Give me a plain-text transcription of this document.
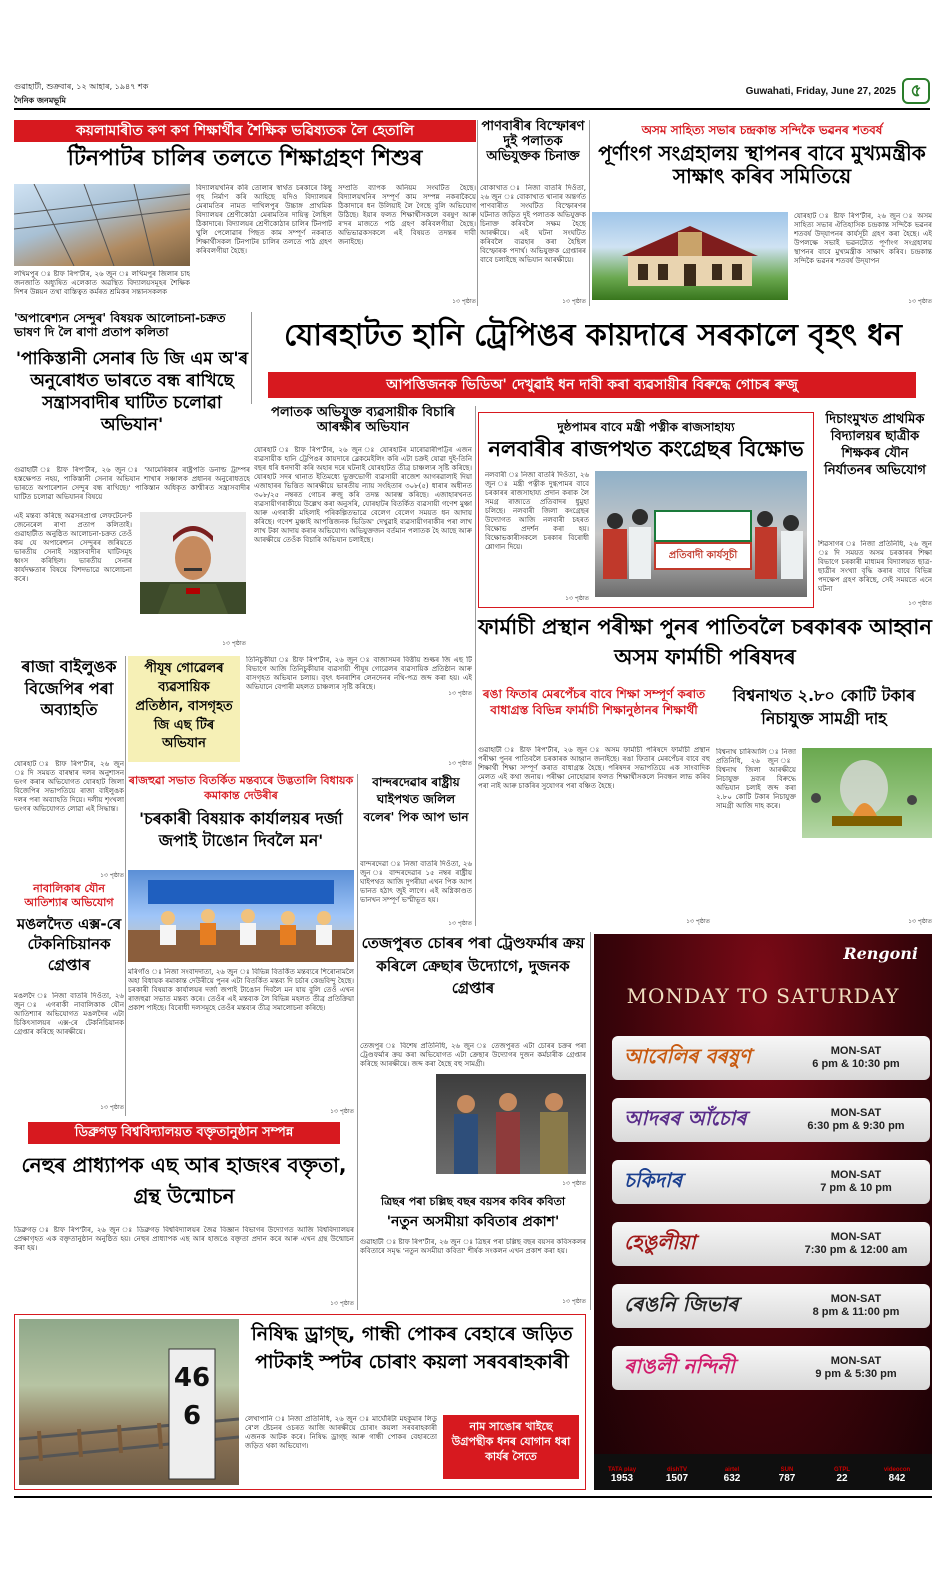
গুৱাহাটী, শুক্ৰবাৰ, ১২ আহাৰ, ১৯৪৭ শক
দৈনিক জনমভূমি
Guwahati, Friday, June 27, 2025 ৫
কয়লামাৰীত কণ কণ শিক্ষাৰ্থীৰ শৈক্ষিক ভৱিষ্যতক লৈ হেতালি
টিনপাটৰ চালিৰ তলতে শিক্ষাগ্ৰহণ শিশুৰ
লখিমপুৰ ঃ ষ্টাফ ৰিপ'ৰ্টাৰ, ২৬ জুন ঃ লখিমপুৰ জিলাৰ চাহ জনজাতি অধ্যুষিত এলেকাত অৱস্থিত বিদ্যালয়সমূহৰ শৈক্ষিক দিশৰ উন্নয়ন তথা বাস্তিত্বত কৰ্মৰত শ্ৰমিকৰ সন্তানসকলক
বিদ্যালয়খনিৰ কৰি তোলাৰ স্বাৰ্থত চৰকাৰে কিছু গৃহ নিৰ্মাণ কৰি আহিছে যদিও বিদ্যালয়ৰ মেৰামতিৰ নামত দাখিলপুৰ উচ্চাঙ্গ প্ৰাথমিক বিদ্যালয়ৰ শ্ৰেণীকোঠা মেৰামতিৰ দায়িত্ব লৈছিল ঠিকাদাৰে। বিদ্যালয়ৰ শ্ৰেণীকোঠাৰ চালিৰ টিনপাট খুলি পেলোৱাৰ পিছত কাম সম্পূৰ্ণ নকৰাত শিক্ষাৰ্থীসকল টিনপাটৰ চালিৰ তলতে পাঠ গ্ৰহণ কৰিবলগীয়া হৈছে।
সম্প্ৰতি ব্যাপক অনিয়ম সংঘটিত হৈছে। বিদ্যালয়খনিৰ সম্পূৰ্ণ কাম সম্পন্ন নকৰাকৈয়ে ঠিকাদাৰে ধন উলিয়াই লৈ গৈছে বুলি অভিযোগ উঠিছে। ইয়াৰ ফলত শিক্ষাৰ্থীসকলে বৰষুণ আৰু ৰ'দৰ মাজতে পাঠ গ্ৰহণ কৰিবলগীয়া হৈছে। অভিভাৱকসকলে এই বিষয়ত তদন্তৰ দাবী জনাইছে।
১৩ পৃষ্ঠাত
পাণবাৰীৰ বিস্ফোৰণ দুই পলাতক অভিযুক্তক চিনাক্ত
বোকাখাত ঃ নিজা বাতৰি দিওঁতা, ২৬ জুন ঃ বোকাখাত থানাৰ অন্তৰ্গত পাণবাৰীত সংঘটিত বিস্ফোৰণৰ ঘটনাত জড়িত দুই পলাতক অভিযুক্তক চিনাক্ত কৰিবলৈ সক্ষম হৈছে আৰক্ষীয়ে। এই ঘটনা সংঘটিত কৰিবলৈ ব্যৱহাৰ কৰা হৈছিল বিস্ফোৰক পদাৰ্থ। অভিযুক্তক গ্ৰেপ্তাৰৰ বাবে চলাইছে অভিযান আৰক্ষীয়ে।
১৩ পৃষ্ঠাত
অসম সাহিত্য সভাৰ চন্দ্ৰকান্ত সন্দিকৈ ভৱনৰ শতবৰ্ষ
পূৰ্ণাংগ সংগ্ৰহালয় স্থাপনৰ বাবে মুখ্যমন্ত্ৰীক সাক্ষাৎ কৰিব সমিতিয়ে
যোৰহাট ঃ ষ্টাফ ৰিপ'ৰ্টাৰ, ২৬ জুন ঃ অসম সাহিত্য সভাৰ ঐতিহাসিক চন্দ্ৰকান্ত সন্দিকৈ ভৱনৰ শতবৰ্ষ উদ্‌যাপনৰ কাৰ্যসূচী গ্ৰহণ কৰা হৈছে। এই উপলক্ষে সভাই ভৱনটোত পূৰ্ণাংগ সংগ্ৰহালয় স্থাপনৰ বাবে মুখ্যমন্ত্ৰীক সাক্ষাৎ কৰিব। চন্দ্ৰকান্ত সন্দিকৈ ভৱনৰ শতবৰ্ষ উদ্‌যাপন
১৩ পৃষ্ঠাত
'অপাৰেশ্যন সেন্দুৰ' বিষয়ক আলোচনা-চক্ৰত ভাষণ দি লৈ ৰাণা প্ৰতাপ কলিতা
'পাকিস্তানী সেনাৰ ডি জি এম অ'ৰ অনুৰোধত ভাৰতে বন্ধ ৰাখিছে সন্ত্ৰাসবাদীৰ ঘাটিত চলোৱা অভিযান'
গুৱাহাটী ঃ ষ্টাফ ৰিপ'ৰ্টাৰ, ২৬ জুন ঃ 'আমেৰিকাৰ ৰাষ্ট্ৰপতি ডনাল্ড ট্ৰাম্পৰ হস্তক্ষেপত নহয়, পাকিস্তানী সেনাৰ অভিযান শাখাৰ সঞ্চালক প্ৰধানৰ অনুৰোধতহে ভাৰতে অপাৰেশ্যন সেন্দুৰ বন্ধ ৰাখিছে।' পাকিস্তান অধিকৃত কাশ্মীৰত সন্ত্ৰাসবাদীৰ ঘাটিত চলোৱা অভিযানৰ বিষয়ে
এই মন্তব্য কৰিছে অৱসৰপ্ৰাপ্ত লেফটেনেণ্ট জেনেৰেল ৰাণা প্ৰতাপ কলিতাই। গুৱাহাটীত অনুষ্ঠিত আলোচনা-চক্ৰত তেওঁ কয় যে অপাৰেশ্যন সেন্দুৰৰ জৰিয়তে ভাৰতীয় সেনাই সন্ত্ৰাসবাদীৰ ঘাটিসমূহ ধ্বংস কৰিছিল। ভাৰতীয় সেনাৰ কাৰ্যদক্ষতাৰ বিষয়ে বিশদভাৱে আলোচনা কৰে।
১৩ পৃষ্ঠাত
যোৰহাটত হানি ট্ৰেপিঙৰ কায়দাৰে সৰকালে বৃহৎ ধন
আপত্তিজনক ভিডিঅ' দেখুৱাই ধন দাবী কৰা ব্যৱসায়ীৰ বিৰুদ্ধে গোচৰ ৰুজু
পলাতক অভিযুক্ত ব্যৱসায়ীক বিচাৰি আৰক্ষীৰ অভিযান
যোৰহাট ঃ ষ্টাফ ৰিপ'ৰ্টাৰ, ২৬ জুন ঃ যোৰহাটৰ মাৰোৱাৰীপট্টিৰ এজন ব্যৱসায়ীক হানি ট্ৰেপিঙৰ কায়দাৰে ব্লেকমেইলিং কৰি এটা চক্ৰই যোৱা দুই-তিনি বছৰ ধৰি ধনদাবী কৰি অহাৰ দৰে ঘটনাই যোৰহাটত তীব্ৰ চাঞ্চল্যৰ সৃষ্টি কৰিছে। যোৰহাট সদৰ থানাত ইতিমধ্যে ভুক্তভোগী ব্যৱসায়ী ৰাজেশ আগৰৱালাই দিয়া এজাহাৰৰ ভিত্তিত আৰক্ষীয়ে ভাৰতীয় ন্যায় সংহিতাৰ ৩০৮(৫) ধাৰাৰ অধীনত ৩০৮/২৫ নম্বৰত গোচৰ ৰুজু কৰি তদন্ত আৰম্ভ কৰিছে। এজাহাৰখনত ব্যৱসায়ীগৰাকীয়ে উল্লেখ কৰা অনুসৰি, যোৰহাটৰ বিতৰ্কিত ব্যৱসায়ী গণেশ মুঞ্চা আৰু এগৰাকী মহিলাই পৰিকল্পিতভাৱে বেলেগ বেলেগ সময়ত ধন আদায় কৰিছে। গণেশ মুঞ্চাই আপত্তিজনক ভিডিঅ' দেখুৱাই ব্যৱসায়ীগৰাকীৰ পৰা লাখ লাখ টকা আদায় কৰাৰ অভিযোগ। অভিযুক্তজন বৰ্তমান পলাতক হৈ আছে আৰু আৰক্ষীয়ে তেওঁক বিচাৰি অভিযান চলাইছে।
১৩ পৃষ্ঠাত
দুষ্ঠপামৰ বাবে মন্ত্ৰী পত্নীক ৰাজসাহায্য
নলবাৰীৰ ৰাজপথত কংগ্ৰেছৰ বিক্ষোভ
নলবাৰী ঃ নিজা বাতৰি দিওঁতা, ২৬ জুন ঃ মন্ত্ৰী পত্নীক দুগ্ধপামৰ বাবে চৰকাৰৰ ৰাজসাহায্য প্ৰদান কৰাক লৈ সমগ্ৰ ৰাজ্যতে প্ৰতিবাদৰ ধুমুহা চলিছে। নলবাৰী জিলা কংগ্ৰেছৰ উদ্যোগত আজি নলবাৰী চহৰত বিক্ষোভ প্ৰদৰ্শন কৰা হয়। বিক্ষোভকাৰীসকলে চৰকাৰ বিৰোধী শ্লোগান দিয়ে।
প্ৰতিবাদী কাৰ্যসূচী
১৩ পৃষ্ঠাত
দিচাংমুখত প্ৰাথমিক বিদ্যালয়ৰ ছাত্ৰীক শিক্ষকৰ যৌন নিৰ্যাতনৰ অভিযোগ
শিৱসাগৰ ঃ নিজা প্ৰতিনিধি, ২৬ জুন ঃ দি সময়ত অসম চৰকাৰৰ শিক্ষা বিভাগে চৰকাৰী মাধ্যমৰ বিদ্যালয়ত ছাত্ৰ-ছাত্ৰীৰ সংখ্যা বৃদ্ধি কৰাৰ বাবে বিভিন্ন পদক্ষেপ গ্ৰহণ কৰিছে, সেই সময়তে এনে ঘটনা
১৩ পৃষ্ঠাত
ৰাজা বাইলুঙক বিজেপিৰ পৰা অব্যাহতি
যোৰহাট ঃ ষ্টাফ ৰিপ'ৰ্টাৰ, ২৬ জুন ঃ দি সময়ত বাৰম্বাৰ দলৰ অনুশাসন ভংগ কৰাৰ অভিযোগত যোৰহাট জিলা বিজেপিৰ সভাপতিয়ে ৰাজা বাইলুঙক দলৰ পৰা অব্যাহতি দিয়ে। দলীয় শৃংখলা ভংগৰ অভিযোগত লোৱা এই সিদ্ধান্ত।
১৩ পৃষ্ঠাত
পীযূষ গোৱেলৰ ব্যৱসায়িক প্ৰতিষ্ঠান, বাসগৃহত জি এছ টিৰ অভিযান
তিনিচুকীয়া ঃ ষ্টাফ ৰিপ'ৰ্টাৰ, ২৬ জুন ঃ বাজাসমৰ বিত্তীয় শুল্কৰ জি এছ টি বিভাগে আজি তিনিচুকীয়াৰ ব্যৱসায়ী পীযূষ গোৱেলৰ ব্যৱসায়িক প্ৰতিষ্ঠান আৰু বাসগৃহত অভিযান চলায়। বৃহৎ ধনৰাশিৰ লেনদেনৰ নথি-পত্ৰ জব্দ কৰা হয়। এই অভিযানে বেপাৰী মহলত চাঞ্চল্যৰ সৃষ্টি কৰিছে।
১৩ পৃষ্ঠাত
নাবালিকাৰ যৌন আতিশ্যাৰ অভিযোগ
মঙলদৈত এক্স-ৰে টেকনিচিয়ানক গ্ৰেপ্তাৰ
মঙলদৈ ঃ নিজা বাতৰি দিওঁতা, ২৬ জুন ঃ এগৰাকী নাবালিকাক যৌন আতিশ্যাৰ অভিযোগত মঙলদৈৰ এটা চিকিৎসালয়ৰ এক্স-ৰে টেকনিচিয়ানক গ্ৰেপ্তাৰ কৰিছে আৰক্ষীয়ে।
১৩ পৃষ্ঠাত
ৰাজহুৱা সভাত বিতৰ্কিত মন্তব্যৰে উদ্ভতালি বিধায়ক কমাকান্ত দেউৰীৰ
'চৰকাৰী বিষয়াক কাৰ্যালয়ৰ দৰ্জা জপাই টাঙোন দিবলৈ মন'
মৰিগাঁও ঃ নিজা সংবাদদাতা, ২৬ জুন ঃ বিভিন্ন বিতৰ্কিত মন্তব্যৰে শিৰোনামলৈ অহা বিধায়ক ৰমাকান্ত দেউৰীয়ে পুনৰ এটা বিতৰ্কিত মন্তব্য দি চৰ্চাৰ কেন্দ্ৰবিন্দু হৈছে। চৰকাৰী বিষয়াক কাৰ্যালয়ৰ দৰ্জা জপাই টাঙোন দিবলৈ মন যায় বুলি তেওঁ এখন ৰাজহুৱা সভাত মন্তব্য কৰে। তেওঁৰ এই মন্তব্যক লৈ বিভিন্ন মহলত তীব্ৰ প্ৰতিক্ৰিয়া প্ৰকাশ পাইছে। বিৰোধী দলসমূহে তেওঁৰ মন্তব্যৰ তীব্ৰ সমালোচনা কৰিছে।
১৩ পৃষ্ঠাত
বান্দৰদেৱাৰ ৰাষ্ট্ৰীয় ঘাইপথত জলিল বলেৰ' পিক আপ ভান
বান্দৰদেৱা ঃ নিজা বাতৰি দিওঁতা, ২৬ জুন ঃ বান্দৰদেৱাৰ ১৫ নম্বৰ ৰাষ্ট্ৰীয় ঘাইপথত আজি দুপৰীয়া এখন পিক আপ ভানত হঠাৎ জুই লাগে। এই অগ্নিকাণ্ডত ভানখন সম্পূৰ্ণ ভস্মীভূত হয়।
১৩ পৃষ্ঠাত
ফাৰ্মাচী প্ৰস্থান পৰীক্ষা পুনৰ পাতিবলৈ চৰকাৰক আহ্বান অসম ফাৰ্মাচী পৰিষদৰ
ৰঙা ফিতাৰ মেৰপেঁচৰ বাবে শিক্ষা সম্পূৰ্ণ কৰাত বাধাগ্ৰস্ত বিভিন্ন ফাৰ্মাচী শিক্ষানুষ্ঠানৰ শিক্ষাৰ্থী
গুৱাহাটী ঃ ষ্টাফ ৰিপ'ৰ্টাৰ, ২৬ জুন ঃ অসম ফাৰ্মাচী পৰিষদে ফাৰ্মাচী প্ৰস্থান পৰীক্ষা পুনৰ পাতিবলৈ চৰকাৰক আহ্বান জনাইছে। ৰঙা ফিতাৰ মেৰপেঁচৰ বাবে বহু শিক্ষাৰ্থী শিক্ষা সম্পূৰ্ণ কৰাত বাধাগ্ৰস্ত হৈছে। পৰিষদৰ সভাপতিয়ে এক সাংবাদিক মেলত এই কথা জনায়। পৰীক্ষা নোহোৱাৰ ফলত শিক্ষাৰ্থীসকলে নিবন্ধন লাভ কৰিব পৰা নাই আৰু চাকৰিৰ সুযোগৰ পৰা বঞ্চিত হৈছে।
১৩ পৃষ্ঠাত
বিশ্বনাথত ২.৮০ কোটি টকাৰ নিচাযুক্ত সামগ্ৰী দাহ
বিশ্বনাথ চাৰিআলি ঃ নিজা প্ৰতিনিধি, ২৬ জুন ঃ বিশ্বনাথ জিলা আৰক্ষীয়ে নিচাযুক্ত দ্ৰব্যৰ বিৰুদ্ধে অভিযান চলাই জব্দ কৰা ২.৮০ কোটি টকাৰ নিচাযুক্ত সামগ্ৰী আজি দাহ কৰে।
১৩ পৃষ্ঠাত
তেজপুৰত চোৰৰ পৰা ট্ৰেণ্ডফৰ্মাৰ ক্ৰয় কৰিলে ক্ৰেছাৰ উদ্যোগে, দুজনক গ্ৰেপ্তাৰ
তেজপুৰ ঃ বিশেষ প্ৰতিনিধি, ২৬ জুন ঃ তেজপুৰত এটা চোৰৰ চক্ৰৰ পৰা ট্ৰেণ্ডফৰ্মাৰ ক্ৰয় কৰা অভিযোগত এটা ক্ৰেছাৰ উদ্যোগৰ দুজন কৰ্মচাৰীক গ্ৰেপ্তাৰ কৰিছে আৰক্ষীয়ে। জব্দ কৰা হৈছে বহু সামগ্ৰী।
১৩ পৃষ্ঠাত
ডিব্ৰুগড় বিশ্ববিদ্যালয়ত বক্তৃতানুষ্ঠান সম্পন্ন
নেহুৰ প্ৰাধ্যাপক এছ আৰ হাজংৰ বক্তৃতা, গ্ৰন্থ উন্মোচন
ডিব্ৰুগড় ঃ ষ্টাফ ৰিপ'ৰ্টাৰ, ২৬ জুন ঃ ডিব্ৰুগড় বিশ্ববিদ্যালয়ৰ জৈৱ বিজ্ঞান বিভাগৰ উদ্যোগত আজি বিশ্ববিদ্যালয়ৰ প্ৰেক্ষাগৃহত এক বক্তৃতানুষ্ঠান অনুষ্ঠিত হয়। নেহুৰ প্ৰাধ্যাপক এছ আৰ হাজঙে বক্তৃতা প্ৰদান কৰে আৰু এখন গ্ৰন্থ উন্মোচন কৰা হয়।
১৩ পৃষ্ঠাত
ত্ৰিছৰ পৰা চল্লিছ বছৰ বয়সৰ কবিৰ কবিতা
'নতুন অসমীয়া কবিতাৰ প্ৰকাশ'
গুৱাহাটী ঃ ষ্টাফ ৰিপ'ৰ্টাৰ, ২৬ জুন ঃ ত্ৰিছৰ পৰা চল্লিছ বছৰ বয়সৰ কবিসকলৰ কবিতাৰে সমৃদ্ধ 'নতুন অসমীয়া কবিতা' শীৰ্ষক সংকলন এখন প্ৰকাশ কৰা হয়।
১৩ পৃষ্ঠাত
466
নিষিদ্ধ ড্ৰাগ্‌ছ, গান্ধী পোকৰ বেহাৰে জড়িত পাটকাই স্পটৰ চোৰাং কয়লা সৰবৰাহকাৰী
লেখাপানি ঃ নিজা প্ৰতিনিধি, ২৬ জুন ঃ মাৰ্ঘেৰিটা মহকুমাৰ লিডু ৰে'ল ষ্টেচনৰ ওচৰত আজি আৰক্ষীয়ে চোৰাং কয়লা সৰবৰাহকাৰী এজনক আটক কৰে। নিষিদ্ধ ড্ৰাগ্‌ছ আৰু গান্ধী পোকৰ বেহাৰতো জড়িত থকা অভিযোগ।
নাম সাঙোৰ খাইছে উগ্ৰপন্থীক ধনৰ যোগান ধৰা কাৰ্যৰ সৈতে
Rengoni
MONDAY TO SATURDAY
আবেলিৰ বৰষুণ	MON-SAT
6 pm & 10:30 pm
আদৰৰ আঁচোৰ	MON-SAT
6:30 pm & 9:30 pm
চকিদাৰ	MON-SAT
7 pm & 10 pm
হেঙুলীয়া	MON-SAT
7:30 pm & 12:00 am
ৰেঙনি জিভাৰ	MON-SAT
8 pm & 11:00 pm
ৰাঙলী নন্দিনী	MON-SAT
9 pm & 5:30 pm
TATA play
1953
dishTV
1507
airtel
632
SUN
787
GTPL
22
videocon
842
